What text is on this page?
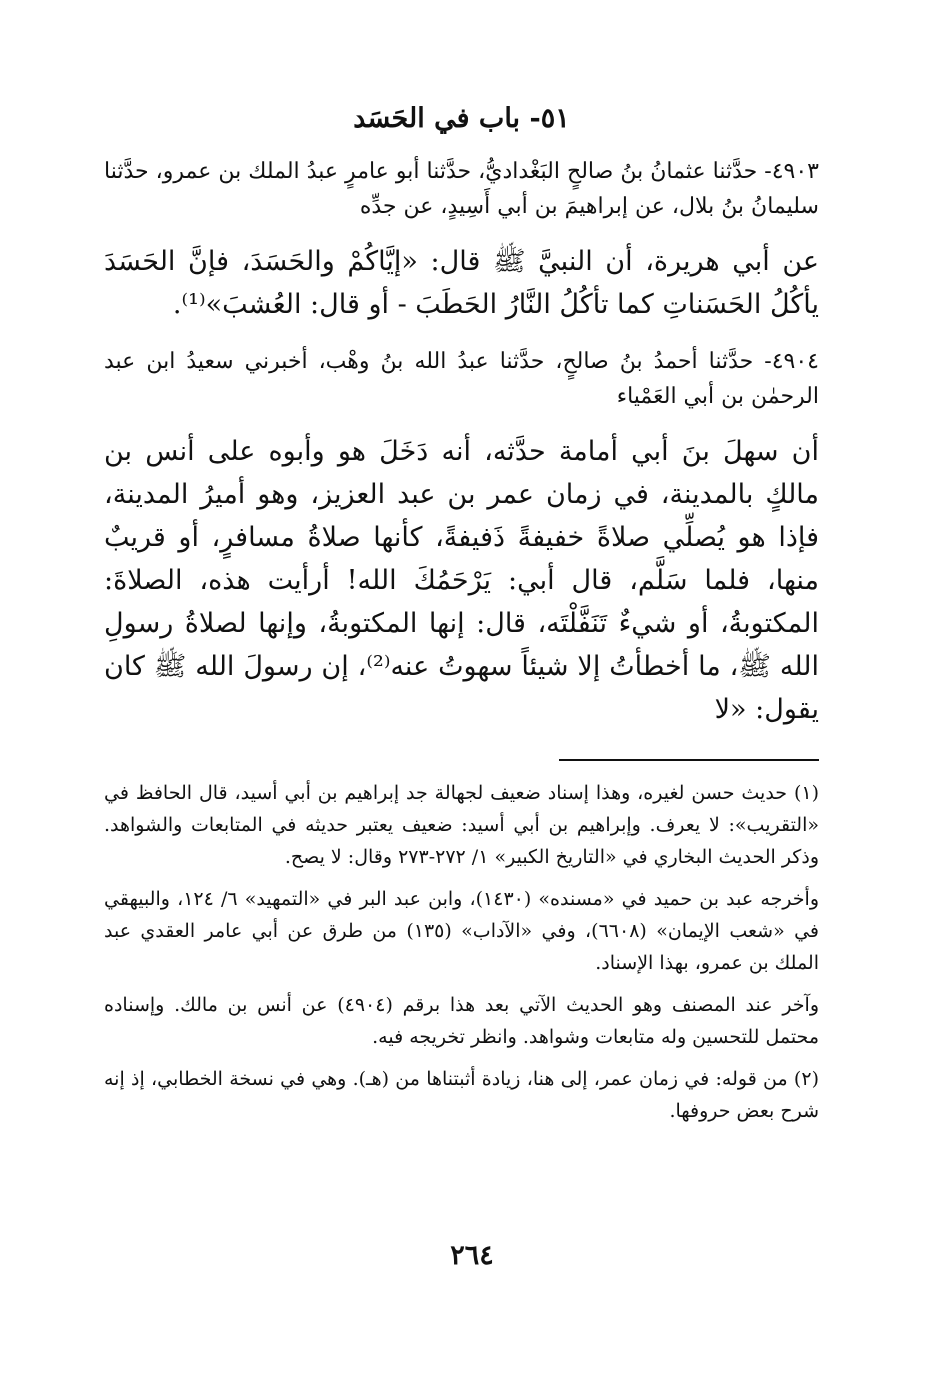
٥١- باب في الحَسَد

٤٩٠٣- حدَّثنا عثمانُ بنُ صالحٍ البَغْداديُّ، حدَّثنا أبو عامرٍ عبدُ الملك بن عمرو، حدَّثنا سليمانُ بنُ بلال، عن إبراهيمَ بن أبي أَسِيدٍ، عن جدِّه

عن أبي هريرة، أن النبيَّ ﷺ قال: «إيَّاكُمْ والحَسَدَ، فإنَّ الحَسَدَ يأكُلُ الحَسَناتِ كما تأكُلُ النَّارُ الحَطَبَ - أو قال: العُشبَ»⁽¹⁾.

٤٩٠٤- حدَّثنا أحمدُ بنُ صالحٍ، حدَّثنا عبدُ الله بنُ وهْب، أخبرني سعيدُ ابن عبد الرحمٰن بن أبي العَمْياء

أن سهلَ بنَ أبي أمامة حدَّثه، أنه دَخَلَ هو وأبوه على أنس بن مالكٍ بالمدينة، في زمان عمر بن عبد العزيز، وهو أميرُ المدينة، فإذا هو يُصلِّي صلاةً خفيفةً ذَفيفةً، كأنها صلاةُ مسافرٍ، أو قريبٌ منها، فلما سَلَّم، قال أبي: يَرْحَمُكَ الله! أرأيت هذه، الصلاةَ: المكتوبةُ، أو شيءٌ تَنَفَّلْتَه، قال: إنها المكتوبةُ، وإنها لصلاةُ رسولِ الله ﷺ، ما أخطأتُ إلا شيئاً سهوتُ عنه⁽²⁾، إن رسولَ الله ﷺ كان يقول: «لا

(١) حديث حسن لغيره، وهذا إسناد ضعيف لجهالة جد إبراهيم بن أبي أسيد، قال الحافظ في «التقريب»: لا يعرف. وإبراهيم بن أبي أسيد: ضعيف يعتبر حديثه في المتابعات والشواهد. وذكر الحديث البخاري في «التاريخ الكبير» ١/ ٢٧٢-٢٧٣ وقال: لا يصح.

وأخرجه عبد بن حميد في «مسنده» (١٤٣٠)، وابن عبد البر في «التمهيد» ٦/ ١٢٤، والبيهقي في «شعب الإيمان» (٦٦٠٨)، وفي «الآداب» (١٣٥) من طرق عن أبي عامر العقدي عبد الملك بن عمرو، بهذا الإسناد.

وآخر عند المصنف وهو الحديث الآتي بعد هذا برقم (٤٩٠٤) عن أنس بن مالك. وإسناده محتمل للتحسين وله متابعات وشواهد. وانظر تخريجه فيه.

(٢) من قوله: في زمان عمر، إلى هنا، زيادة أثبتناها من (هـ). وهي في نسخة الخطابي، إذ إنه شرح بعض حروفها.

٢٦٤
